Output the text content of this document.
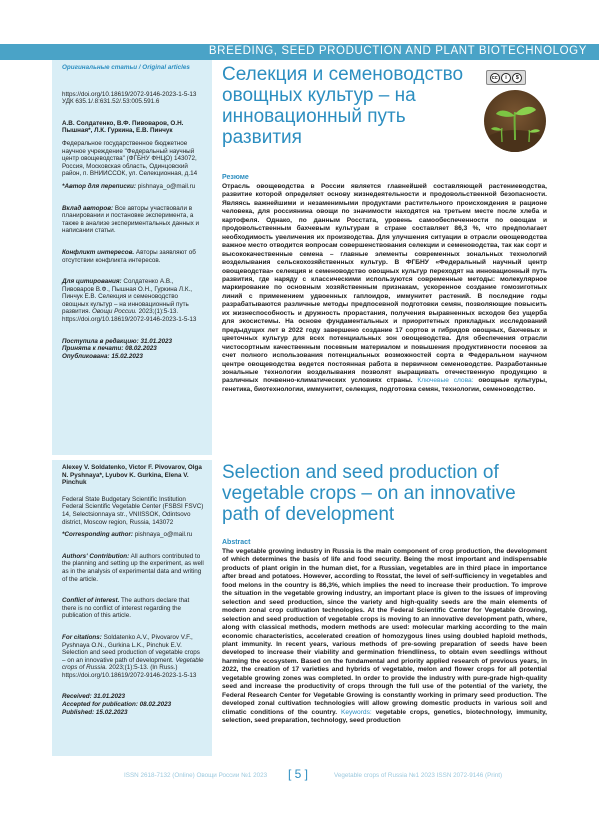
BREEDING, SEED PRODUCTION AND PLANT BIOTECHNOLOGY
Оригинальные статьи / Original articles
https://doi.org/10.18619/2072-9146-2023-1-5-13
УДК 635.1/.8:631.52/.53:005.591.6
А.В. Солдатенко, В.Ф. Пивоваров, О.Н. Пышная*, Л.К. Гуркина, Е.В. Пинчук
Федеральное государственное бюджетное научное учреждение "Федеральный научный центр овощеводства" (ФГБНУ ФНЦО) 143072, Россия, Московская область, Одинцовский район, п. ВНИИССОК, ул. Селекционная, д.14
*Автор для переписки: pishnaya_o@mail.ru
Вклад авторов: Все авторы участвовали в планировании и постановке эксперимента, а также в анализе экспериментальных данных и написании статьи.
Конфликт интересов. Авторы заявляют об отсутствии конфликта интересов.
Для цитирования: Солдатенко А.В., Пивоваров В.Ф., Пышная О.Н., Гуркина Л.К., Пинчук Е.В. Селекция и семеноводство овощных культур – на инновационный путь развития. Овощи России. 2023;(1):5-13. https://doi.org/10.18619/2072-9146-2023-1-5-13
Поступила в редакцию: 31.01.2023
Принята к печати: 08.02.2023
Опубликована: 15.02.2023
Селекция и семеноводство овощных культур – на инновационный путь развития
cc	i	$
Резюме
Отрасль овощеводства в России является главнейшей составляющей растениеводства, развитие которой определяет основу жизнедеятельности и продовольственной безопасности. Являясь важнейшими и незаменимыми продуктами растительного происхождения в рационе человека, для россиянина овощи по значимости находятся на третьем месте после хлеба и картофеля. Однако, по данным Росстата, уровень самообеспеченности по овощам и продовольственным бахчевым культурам в стране составляет 86,3 %, что предполагает необходимость увеличения их производства. Для улучшения ситуации в отрасли овощеводства важное место отводится вопросам совершенствования селекции и семеноводства, так как сорт и высококачественные семена – главные элементы современных зональных технологий возделывания сельскохозяйственных культур. В ФГБНУ «Федеральный научный центр овощеводства» селекция и семеноводство овощных культур переходят на инновационный путь развития, где наряду с классическими используются современные методы: молекулярное маркирование по основным хозяйственным признакам, ускоренное создание гомозиготных линий с применением удвоенных гаплоидов, иммунитет растений. В последние годы разрабатываются различные методы предпосевной подготовки семян, позволяющие повысить их жизнеспособность и дружность прорастания, получения выравненных всходов без ущерба для экосистемы. На основе фундаментальных и приоритетных прикладных исследований предыдущих лет в 2022 году завершено создание 17 сортов и гибридов овощных, бахчевых и цветочных культур для всех потенциальных зон овощеводства. Для обеспечения отрасли чистосортным качественным посевным материалом и повышения продуктивности посевов за счет полного использования потенциальных возможностей сорта в Федеральном научном центре овощеводства ведется постоянная работа в первичном семеноводстве. Разработанные зональные технологии возделывания позволят выращивать отечественную продукцию в различных почвенно-климатических условиях страны. Ключевые слова: овощные культуры, генетика, биотехнологии, иммунитет, селекция, подготовка семян, технологии, семеноводство.
Alexey V. Soldatenko, Victor F. Pivovarov, Olga N. Pyshnaya*, Lyubov K. Gurkina, Elena V. Pinchuk
Federal State Budgetary Scientific Institution Federal Scientific Vegetable Center (FSBSI FSVC) 14, Selectsionnaya str., VNIISSOK, Odintsovo district, Moscow region, Russia, 143072
*Corresponding author: pishnaya_o@mail.ru
Authors' Contribution: All authors contributed to the planning and setting up the experiment, as well as in the analysis of experimental data and writing of the article.
Conflict of interest. The authors declare that there is no conflict of interest regarding the publication of this article.
For citations: Soldatenko A.V., Pivovarov V.F., Pyshnaya O.N., Gurkina L.K., Pinchuk E.V. Selection and seed production of vegetable crops – on an innovative path of development. Vegetable crops of Russia. 2023;(1):5-13. (In Russ.) https://doi.org/10.18619/2072-9146-2023-1-5-13
Received: 31.01.2023
Accepted for publication: 08.02.2023
Published: 15.02.2023
Selection and seed production of vegetable crops – on an innovative path of development
Abstract
The vegetable growing industry in Russia is the main component of crop production, the development of which determines the basis of life and food security. Being the most important and indispensable products of plant origin in the human diet, for a Russian, vegetables are in third place in importance after bread and potatoes. However, according to Rosstat, the level of self-sufficiency in vegetables and food melons in the country is 86,3%, which implies the need to increase their production. To improve the situation in the vegetable growing industry, an important place is given to the issues of improving selection and seed production, since the variety and high-quality seeds are the main elements of modern zonal crop cultivation technologies. At the Federal Scientific Center for Vegetable Growing, selection and seed production of vegetable crops is moving to an innovative development path, where, along with classical methods, modern methods are used: molecular marking according to the main economic characteristics, accelerated creation of homozygous lines using doubled haploid methods, plant immunity. In recent years, various methods of pre-sowing preparation of seeds have been developed to increase their viability and germination friendliness, to obtain even seedlings without harming the ecosystem. Based on the fundamental and priority applied research of previous years, in 2022, the creation of 17 varieties and hybrids of vegetable, melon and flower crops for all potential vegetable growing zones was completed. In order to provide the industry with pure-grade high-quality seed and increase the productivity of crops through the full use of the potential of the variety, the Federal Research Center for Vegetable Growing is constantly working in primary seed production. The developed zonal cultivation technologies will allow growing domestic products in various soil and climatic conditions of the country. Keywords: vegetable crops, genetics, biotechnology, immunity, selection, seed preparation, technology, seed production
ISSN 2618-7132 (Online) Овощи России №1 2023 [ 5 ]	Vegetable crops of Russia №1 2023 ISSN 2072-9146 (Print)
